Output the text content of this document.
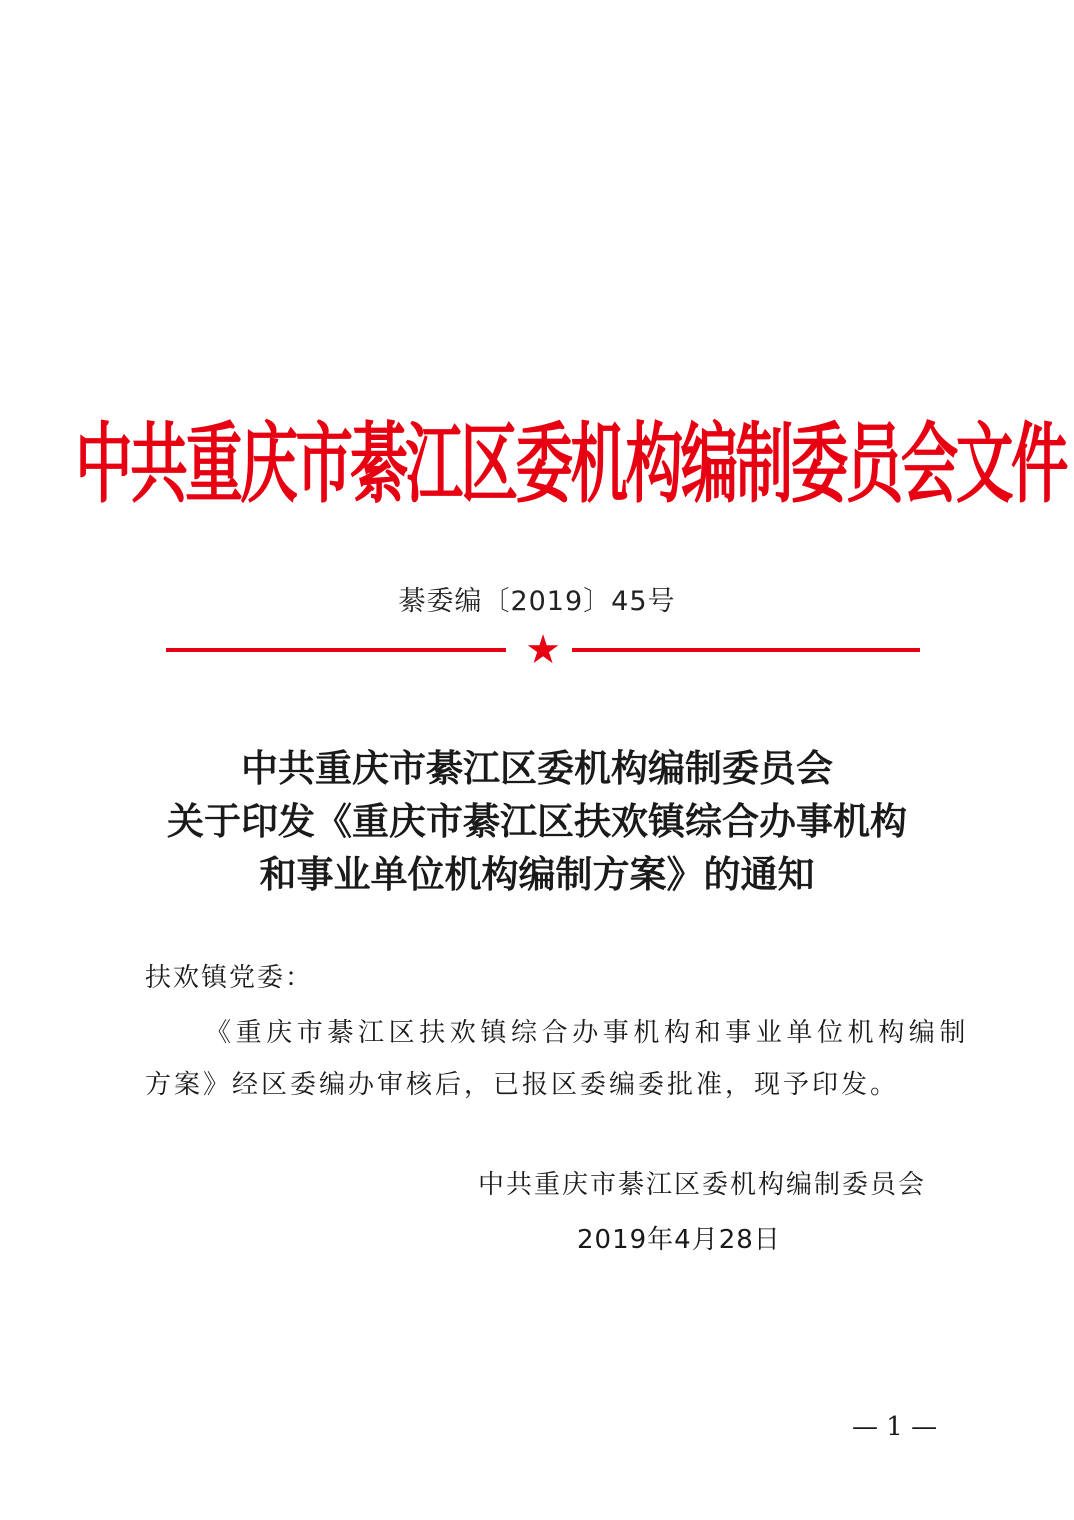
中共重庆市綦江区委机构编制委员会文件
綦委编〔2019〕45号
★
中共重庆市綦江区委机构编制委员会
关于印发《重庆市綦江区扶欢镇综合办事机构
和事业单位机构编制方案》的通知
扶欢镇党委：
《重庆市綦江区扶欢镇综合办事机构和事业单位机构编制
方案》经区委编办审核后，已报区委编委批准，现予印发。
中共重庆市綦江区委机构编制委员会
2019年4月28日
— 1 —
